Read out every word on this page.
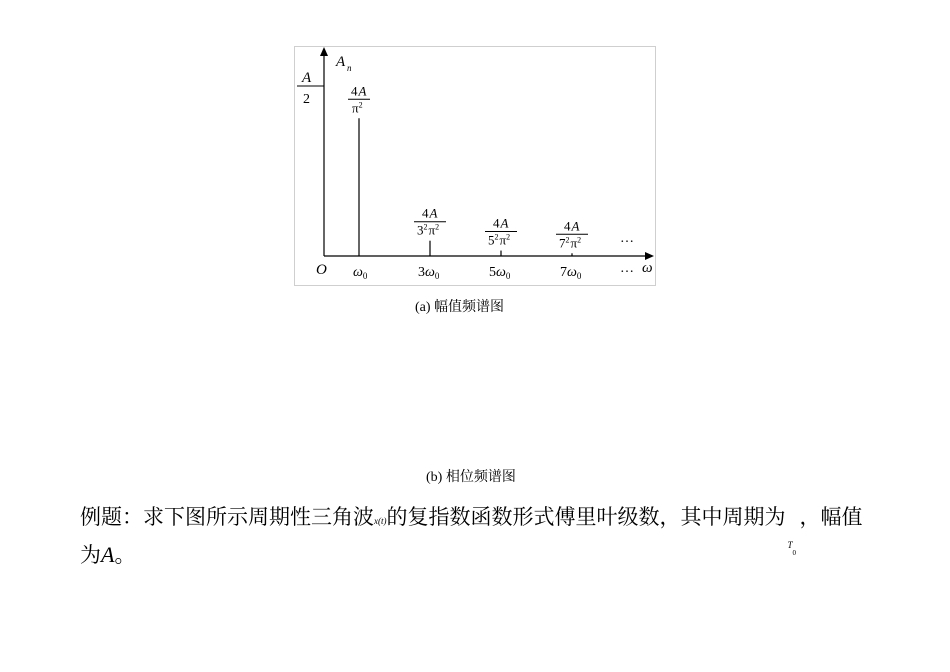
A n
A
2
O	ω
…
…
$\omega_0$
4A
$\pi^2$
$3\omega_0$
4A
$3^2\pi^2$
$5\omega_0$
4A
$5^2\pi^2$
$7\omega_0$
4A
$7^2\pi^2$
(a) 幅值频谱图
(b) 相位频谱图
例题：求下图所示周期性三角波x(t)的复指数函数形式傅里叶级数，其中周期为
T
0
，幅值为A。
